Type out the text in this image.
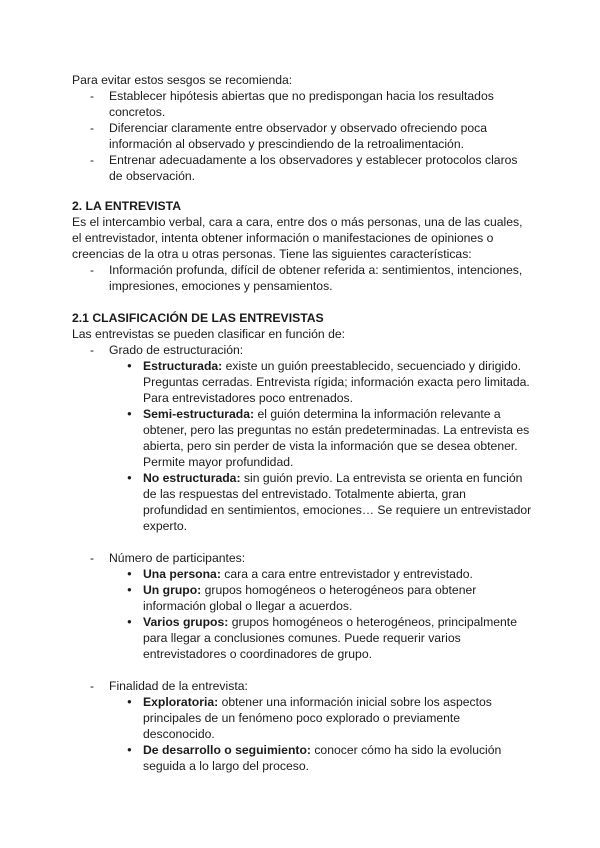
Para evitar estos sesgos se recomienda:

- Establecer hipótesis abiertas que no predispongan hacia los resultados concretos.
- Diferenciar claramente entre observador y observado ofreciendo poca información al observado y prescindiendo de la retroalimentación.
- Entrenar adecuadamente a los observadores y establecer protocolos claros de observación.
2. LA ENTREVISTA

Es el intercambio verbal, cara a cara, entre dos o más personas, una de las cuales, el entrevistador, intenta obtener información o manifestaciones de opiniones o creencias de la otra u otras personas. Tiene las siguientes características:

- Información profunda, difícil de obtener referida a: sentimientos, intenciones, impresiones, emociones y pensamientos.
2.1 CLASIFICACIÓN DE LAS ENTREVISTAS

Las entrevistas se pueden clasificar en función de:

- Grado de estructuración:
● Estructurada: existe un guión preestablecido, secuenciado y dirigido. Preguntas cerradas. Entrevista rígida; información exacta pero limitada. Para entrevistadores poco entrenados.
● Semi-estructurada: el guión determina la información relevante a obtener, pero las preguntas no están predeterminadas. La entrevista es abierta, pero sin perder de vista la información que se desea obtener. Permite mayor profundidad.
● No estructurada: sin guión previo. La entrevista se orienta en función de las respuestas del entrevistado. Totalmente abierta, gran profundidad en sentimientos, emociones… Se requiere un entrevistador experto.
- Número de participantes:
● Una persona: cara a cara entre entrevistador y entrevistado.
● Un grupo: grupos homogéneos o heterogéneos para obtener información global o llegar a acuerdos.
● Varios grupos: grupos homogéneos o heterogéneos, principalmente para llegar a conclusiones comunes. Puede requerir varios entrevistadores o coordinadores de grupo.
- Finalidad de la entrevista:
● Exploratoria: obtener una información inicial sobre los aspectos principales de un fenómeno poco explorado o previamente desconocido.
● De desarrollo o seguimiento: conocer cómo ha sido la evolución seguida a lo largo del proceso.
